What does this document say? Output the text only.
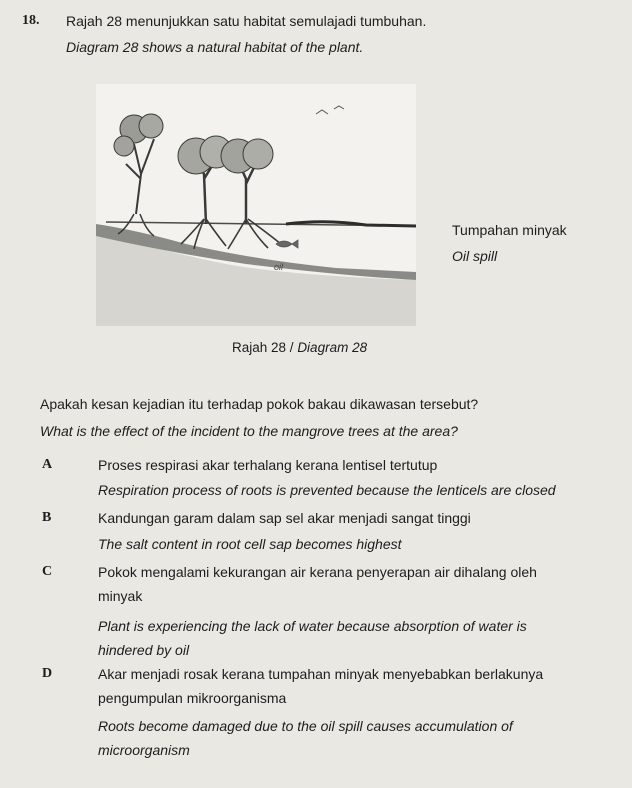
18. Rajah 28 menunjukkan satu habitat semulajadi tumbuhan.
Diagram 28 shows a natural habitat of the plant.
oil
Tumpahan minyak
Oil spill
Rajah 28 / Diagram 28
Apakah kesan kejadian itu terhadap pokok bakau dikawasan tersebut?
What is the effect of the incident to the mangrove trees at the area?
A	Proses respirasi akar terhalang kerana lentisel tertutup
Respiration process of roots is prevented because the lenticels are closed
B	Kandungan garam dalam sap sel akar menjadi sangat tinggi
The salt content in root cell sap becomes highest
C	Pokok mengalami kekurangan air kerana penyerapan air dihalang oleh
minyak
Plant is experiencing the lack of water because absorption of water is
hindered by oil
D	Akar menjadi rosak kerana tumpahan minyak menyebabkan berlakunya
pengumpulan mikroorganisma
Roots become damaged due to the oil spill causes accumulation of
microorganism
